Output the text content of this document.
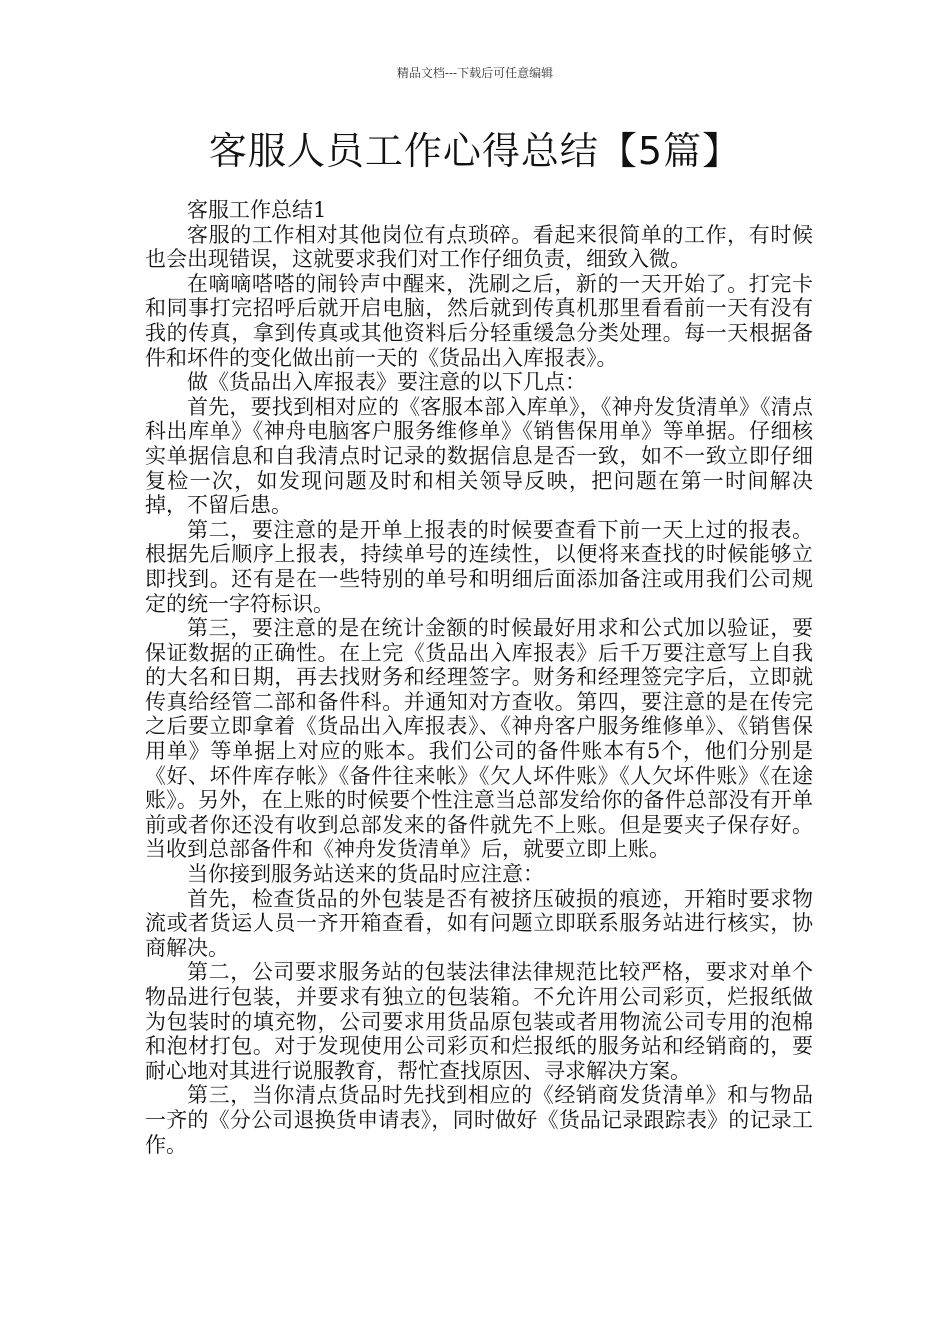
精品文档---下载后可任意编辑
客服人员工作心得总结【5篇】

客服工作总结1

客服的工作相对其他岗位有点琐碎。看起来很简单的工作，有时候也会出现错误，这就要求我们对工作仔细负责，细致入微。

在嘀嘀嗒嗒的闹铃声中醒来，洗刷之后，新的一天开始了。打完卡和同事打完招呼后就开启电脑，然后就到传真机那里看看前一天有没有我的传真，拿到传真或其他资料后分轻重缓急分类处理。每一天根据备件和坏件的变化做出前一天的《货品出入库报表》。

做《货品出入库报表》要注意的以下几点：

首先，要找到相对应的《客服本部入库单》，《神舟发货清单》《清点科出库单》《神舟电脑客户服务维修单》《销售保用单》等单据。仔细核实单据信息和自我清点时记录的数据信息是否一致，如不一致立即仔细复检一次，如发现问题及时和相关领导反映，把问题在第一时间解决掉，不留后患。

第二，要注意的是开单上报表的时候要查看下前一天上过的报表。根据先后顺序上报表，持续单号的连续性，以便将来查找的时候能够立即找到。还有是在一些特别的单号和明细后面添加备注或用我们公司规定的统一字符标识。

第三，要注意的是在统计金额的时候最好用求和公式加以验证，要保证数据的正确性。在上完《货品出入库报表》后千万要注意写上自我的大名和日期，再去找财务和经理签字。财务和经理签完字后，立即就传真给经管二部和备件科。并通知对方查收。第四，要注意的是在传完之后要立即拿着《货品出入库报表》、《神舟客户服务维修单》、《销售保用单》等单据上对应的账本。我们公司的备件账本有5个，他们分别是《好、坏件库存帐》《备件往来帐》《欠人坏件账》《人欠坏件账》《在途账》。另外，在上账的时候要个性注意当总部发给你的备件总部没有开单前或者你还没有收到总部发来的备件就先不上账。但是要夹子保存好。当收到总部备件和《神舟发货清单》后，就要立即上账。

当你接到服务站送来的货品时应注意：

首先，检查货品的外包装是否有被挤压破损的痕迹，开箱时要求物流或者货运人员一齐开箱查看，如有问题立即联系服务站进行核实，协商解决。

第二，公司要求服务站的包装法律法律规范比较严格，要求对单个物品进行包装，并要求有独立的包装箱。不允许用公司彩页，烂报纸做为包装时的填充物，公司要求用货品原包装或者用物流公司专用的泡棉和泡材打包。对于发现使用公司彩页和烂报纸的服务站和经销商的，要耐心地对其进行说服教育，帮忙查找原因、寻求解决方案。

第三，当你清点货品时先找到相应的《经销商发货清单》和与物品一齐的《分公司退换货申请表》，同时做好《货品记录跟踪表》的记录工作。
